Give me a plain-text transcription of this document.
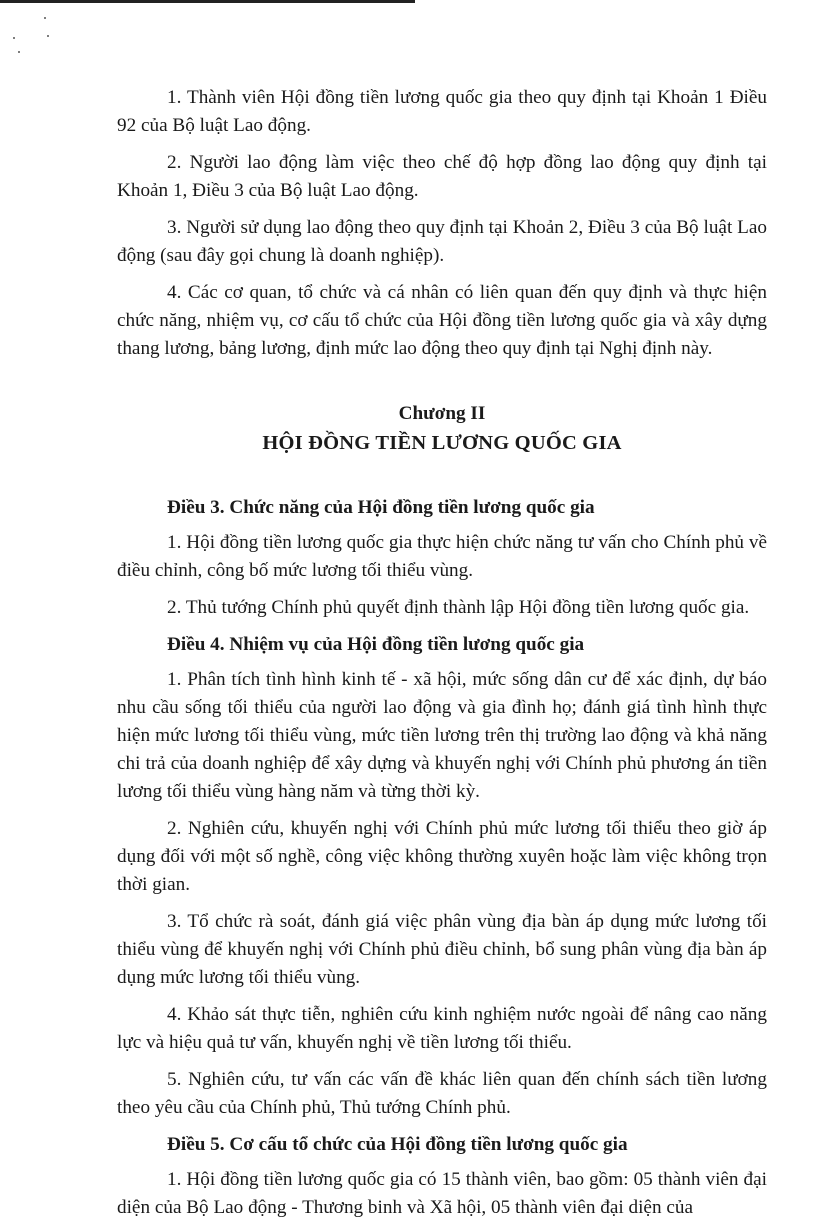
1. Thành viên Hội đồng tiền lương quốc gia theo quy định tại Khoản 1 Điều 92 của Bộ luật Lao động.

2. Người lao động làm việc theo chế độ hợp đồng lao động quy định tại Khoản 1, Điều 3 của Bộ luật Lao động.

3. Người sử dụng lao động theo quy định tại Khoản 2, Điều 3 của Bộ luật Lao động (sau đây gọi chung là doanh nghiệp).

4. Các cơ quan, tổ chức và cá nhân có liên quan đến quy định và thực hiện chức năng, nhiệm vụ, cơ cấu tổ chức của Hội đồng tiền lương quốc gia và xây dựng thang lương, bảng lương, định mức lao động theo quy định tại Nghị định này.

Chương II
HỘI ĐỒNG TIỀN LƯƠNG QUỐC GIA

Điều 3. Chức năng của Hội đồng tiền lương quốc gia

1. Hội đồng tiền lương quốc gia thực hiện chức năng tư vấn cho Chính phủ về điều chỉnh, công bố mức lương tối thiểu vùng.

2. Thủ tướng Chính phủ quyết định thành lập Hội đồng tiền lương quốc gia.

Điều 4. Nhiệm vụ của Hội đồng tiền lương quốc gia

1. Phân tích tình hình kinh tế - xã hội, mức sống dân cư để xác định, dự báo nhu cầu sống tối thiểu của người lao động và gia đình họ; đánh giá tình hình thực hiện mức lương tối thiểu vùng, mức tiền lương trên thị trường lao động và khả năng chi trả của doanh nghiệp để xây dựng và khuyến nghị với Chính phủ phương án tiền lương tối thiểu vùng hàng năm và từng thời kỳ.

2. Nghiên cứu, khuyến nghị với Chính phủ mức lương tối thiểu theo giờ áp dụng đối với một số nghề, công việc không thường xuyên hoặc làm việc không trọn thời gian.

3. Tổ chức rà soát, đánh giá việc phân vùng địa bàn áp dụng mức lương tối thiểu vùng để khuyến nghị với Chính phủ điều chỉnh, bổ sung phân vùng địa bàn áp dụng mức lương tối thiểu vùng.

4. Khảo sát thực tiễn, nghiên cứu kinh nghiệm nước ngoài để nâng cao năng lực và hiệu quả tư vấn, khuyến nghị về tiền lương tối thiểu.

5. Nghiên cứu, tư vấn các vấn đề khác liên quan đến chính sách tiền lương theo yêu cầu của Chính phủ, Thủ tướng Chính phủ.

Điều 5. Cơ cấu tổ chức của Hội đồng tiền lương quốc gia

1. Hội đồng tiền lương quốc gia có 15 thành viên, bao gồm: 05 thành viên đại diện của Bộ Lao động - Thương binh và Xã hội, 05 thành viên đại diện của
